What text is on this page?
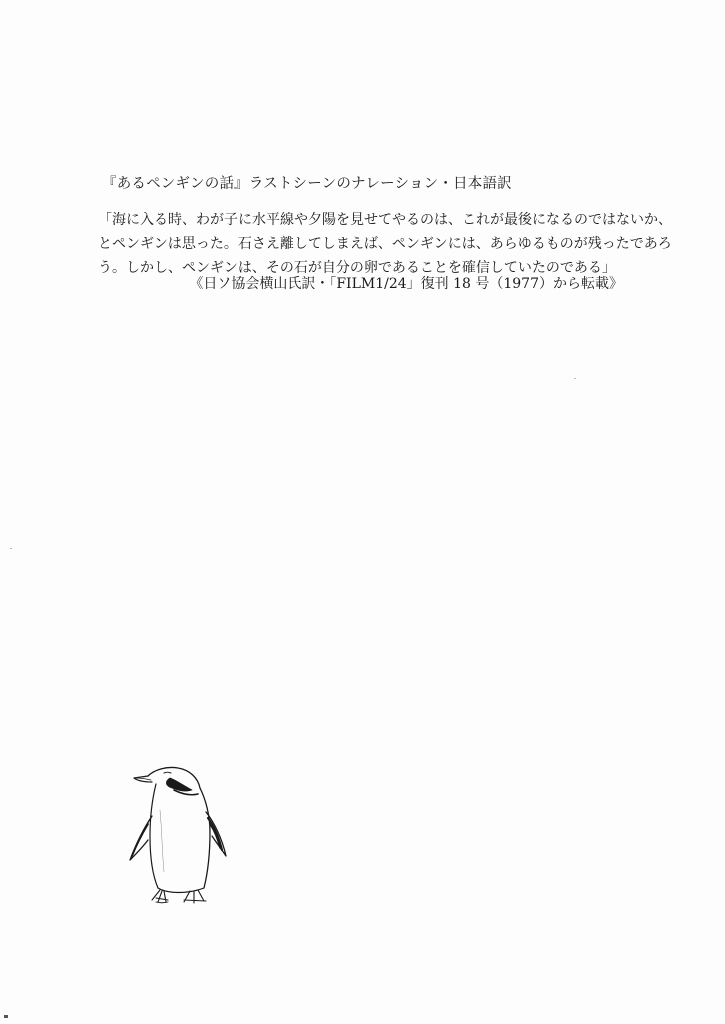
『あるペンギンの話』ラストシーンのナレーション・日本語訳
「海に入る時、わが子に水平線や夕陽を見せてやるのは、これが最後になるのではないか、
とペンギンは思った。石さえ離してしまえば、ペンギンには、あらゆるものが残ったであろ
う。しかし、ペンギンは、その石が自分の卵であることを確信していたのである」
《日ソ協会横山氏訳・「FILM1/24」復刊 18 号（1977）から転載》
